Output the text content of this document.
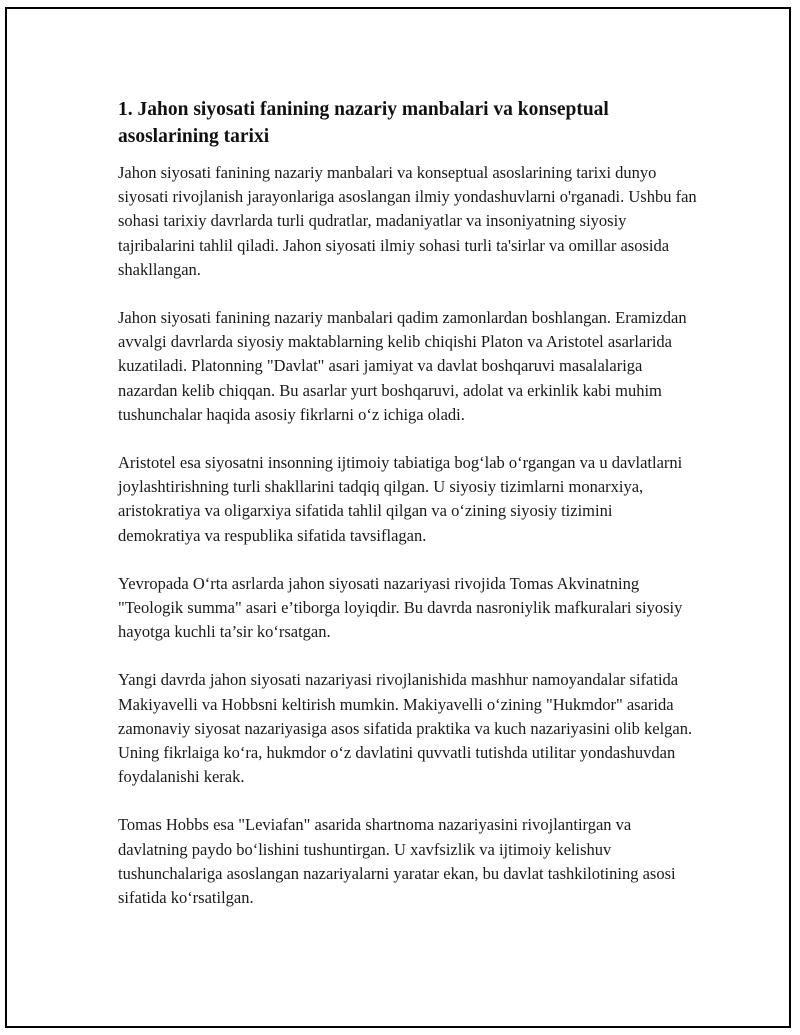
1. Jahon siyosati fanining nazariy manbalari va konseptual asoslarining tarixi

Jahon siyosati fanining nazariy manbalari va konseptual asoslarining tarixi dunyo siyosati rivojlanish jarayonlariga asoslangan ilmiy yondashuvlarni o'rganadi. Ushbu fan sohasi tarixiy davrlarda turli qudratlar, madaniyatlar va insoniyatning siyosiy tajribalarini tahlil qiladi. Jahon siyosati ilmiy sohasi turli ta'sirlar va omillar asosida shakllangan.

Jahon siyosati fanining nazariy manbalari qadim zamonlardan boshlangan. Eramizdan avvalgi davrlarda siyosiy maktablarning kelib chiqishi Platon va Aristotel asarlarida kuzatiladi. Platonning "Davlat" asari jamiyat va davlat boshqaruvi masalalariga nazardan kelib chiqqan. Bu asarlar yurt boshqaruvi, adolat va erkinlik kabi muhim tushunchalar haqida asosiy fikrlarni o‘z ichiga oladi.

Aristotel esa siyosatni insonning ijtimoiy tabiatiga bog‘lab o‘rgangan va u davlatlarni joylashtirishning turli shakllarini tadqiq qilgan. U siyosiy tizimlarni monarxiya, aristokratiya va oligarxiya sifatida tahlil qilgan va o‘zining siyosiy tizimini demokratiya va respublika sifatida tavsiflagan.

Yevropada O‘rta asrlarda jahon siyosati nazariyasi rivojida Tomas Akvinatning "Teologik summa" asari e’tiborga loyiqdir. Bu davrda nasroniylik mafkuralari siyosiy hayotga kuchli ta’sir ko‘rsatgan.

Yangi davrda jahon siyosati nazariyasi rivojlanishida mashhur namoyandalar sifatida Makiyavelli va Hobbsni keltirish mumkin. Makiyavelli o‘zining "Hukmdor" asarida zamonaviy siyosat nazariyasiga asos sifatida praktika va kuch nazariyasini olib kelgan. Uning fikrlaiga ko‘ra, hukmdor o‘z davlatini quvvatli tutishda utilitar yondashuvdan foydalanishi kerak.

Tomas Hobbs esa "Leviafan" asarida shartnoma nazariyasini rivojlantirgan va davlatning paydo bo‘lishini tushuntirgan. U xavfsizlik va ijtimoiy kelishuv tushunchalariga asoslangan nazariyalarni yaratar ekan, bu davlat tashkilotining asosi sifatida ko‘rsatilgan.
